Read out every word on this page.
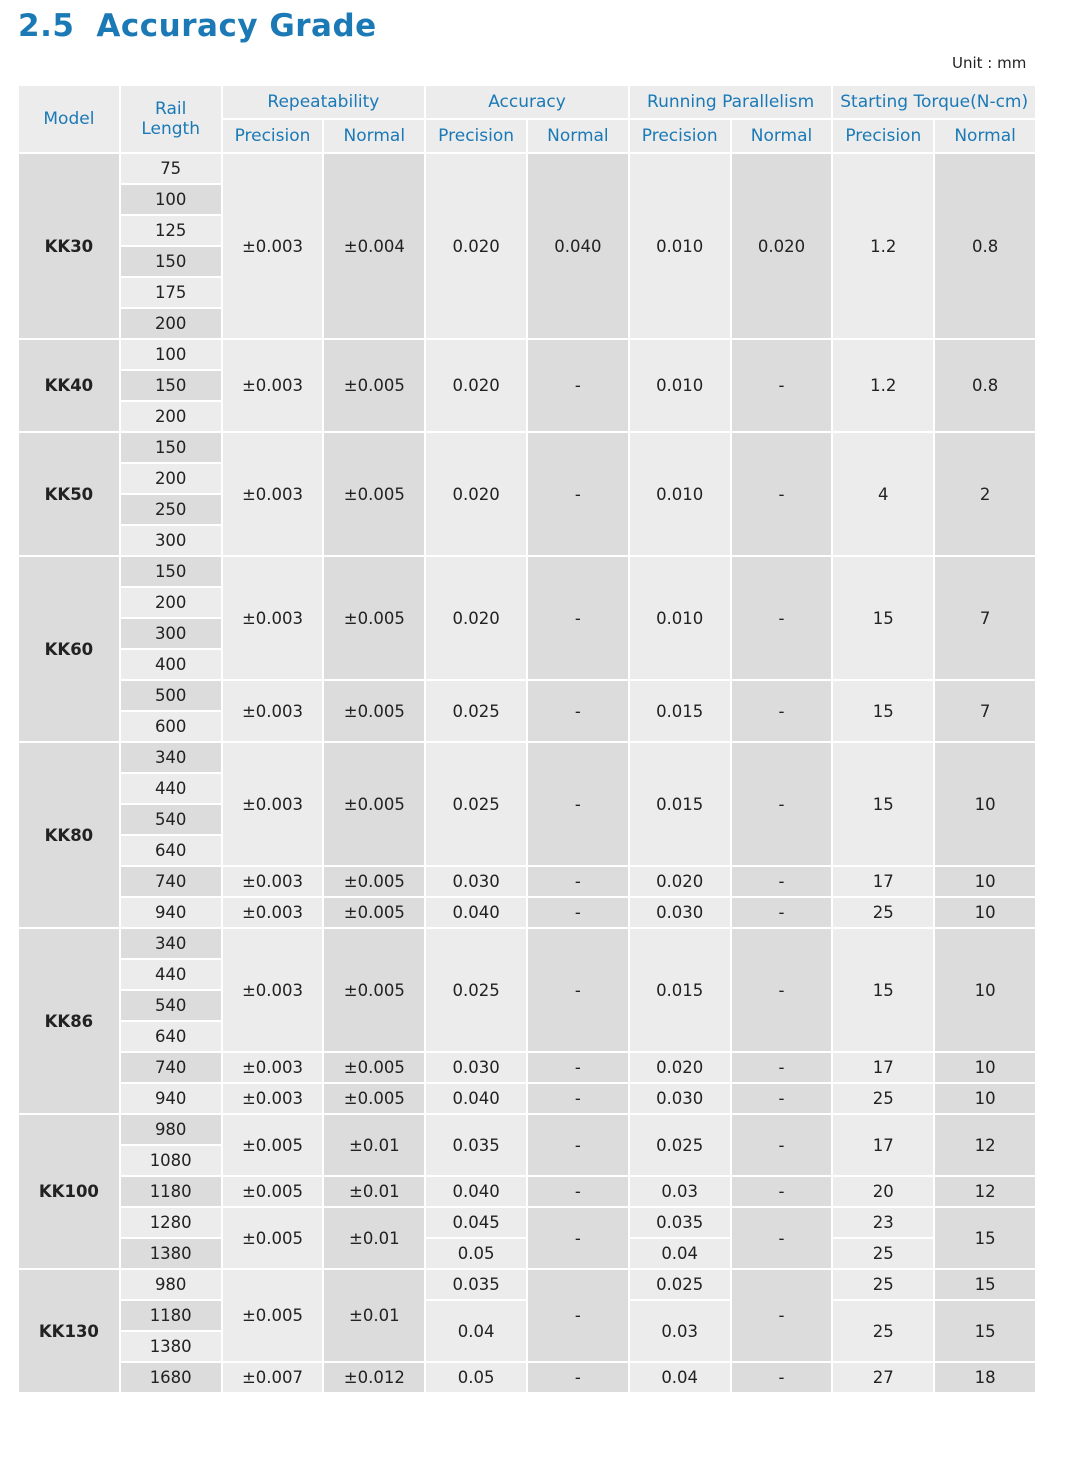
2.5 Accuracy Grade
Unit : mm
Model	Rail Length	Repeatability		Accuracy		Running Parallelism		Starting Torque(N-cm)	
		Precision	Normal	Precision	Normal	Precision	Normal	Precision	Normal
KK30	75	±0.003	±0.004	0.020	0.040	0.010	0.020	1.2	0.8
	100								
	125								
	150								
	175								
	200								
KK40	100	±0.003	±0.005	0.020	-	0.010	-	1.2	0.8
	150								
	200								
KK50	150	±0.003	±0.005	0.020	-	0.010	-	4	2
	200								
	250								
	300								
KK60	150	±0.003	±0.005	0.020	-	0.010	-	15	7
	200								
	300								
	400								
	500	±0.003	±0.005	0.025	-	0.015	-	15	7
	600								
KK80	340	±0.003	±0.005	0.025	-	0.015	-	15	10
	440								
	540								
	640								
	740	±0.003	±0.005	0.030	-	0.020	-	17	10
	940	±0.003	±0.005	0.040	-	0.030	-	25	10
KK86	340	±0.003	±0.005	0.025	-	0.015	-	15	10
	440								
	540								
	640								
	740	±0.003	±0.005	0.030	-	0.020	-	17	10
	940	±0.003	±0.005	0.040	-	0.030	-	25	10
KK100	980	±0.005	±0.01	0.035	-	0.025	-	17	12
	1080								
	1180	±0.005	±0.01	0.040	-	0.03	-	20	12
	1280	±0.005	±0.01	0.045	-	0.035	-	23	15
	1380			0.05		0.04		25	
KK130	980	±0.005	±0.01	0.035	-	0.025	-	25	15
	1180			0.04		0.03		25	15
	1380								
	1680	±0.007	±0.012	0.05	-	0.04	-	27	18
